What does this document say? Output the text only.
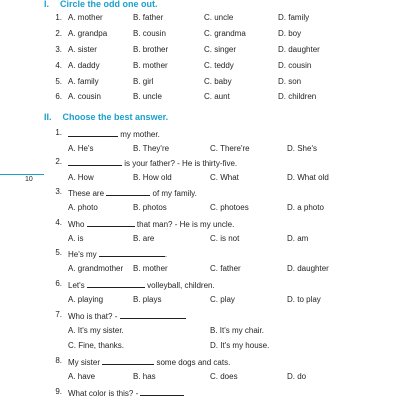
10
I. Circle the odd one out.
1. A. mother	B. father	C. uncle	D. family
2. A. grandpa	B. cousin	C. grandma	D. boy
3. A. sister	B. brother	C. singer	D. daughter
4. A. daddy	B. mother	C. teddy	D. cousin
5. A. family	B. girl	C. baby	D. son
6. A. cousin	B. uncle	C. aunt	D. children
II. Choose the best answer.
1.	my mother.
A. He's	B. They're	C. There're	D. She's
2.	is your father? - He is thirty-five.
A. How	B. How old	C. What	D. What old
3. These are	of my family.
A. photo	B. photos	C. photoes	D. a photo
4. Who	that man? - He is my uncle.
A. is	B. are	C. is not	D. am
5. He's my	.
A. grandmother B. mother	C. father	D. daughter
6. Let's	volleyball, children.
A. playing	B. plays	C. play	D. to play
7. Who is that? -
A. It's my sister.	B. It's my chair.
C. Fine, thanks.	D. It's my house.
8. My sister	some dogs and cats.
A. have	B. has	C. does	D. do
9. What color is this? -
